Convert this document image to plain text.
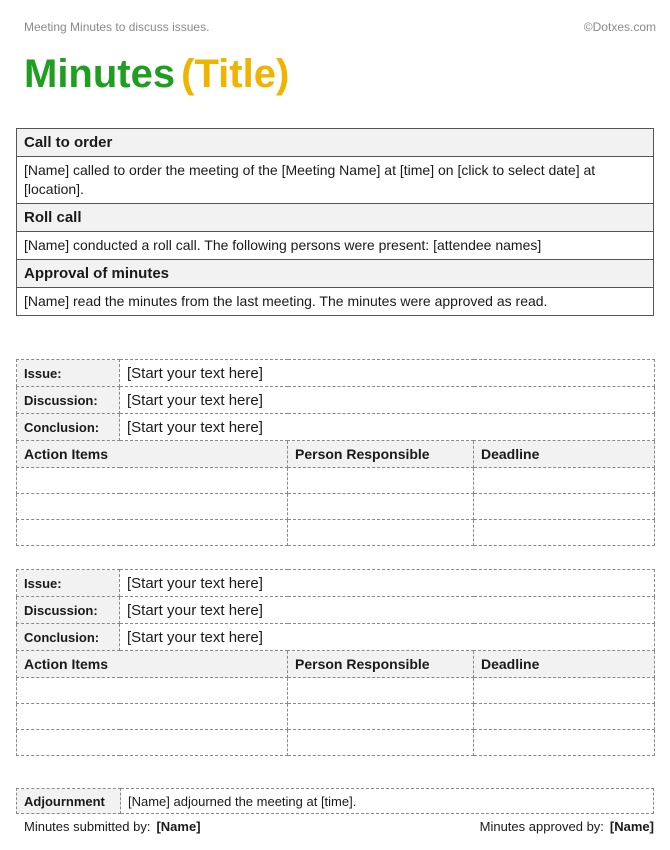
Meeting Minutes to discuss issues.	©Dotxes.com
Minutes (Title)
Call to order
[Name] called to order the meeting of the [Meeting Name] at [time] on [click to select date] at [location].
Roll call
[Name] conducted a roll call. The following persons were present: [attendee names]
Approval of minutes
[Name] read the minutes from the last meeting. The minutes were approved as read.
Issue:	[Start your text here]		
Discussion:	[Start your text here]		
Conclusion:	[Start your text here]		
Action Items		Person Responsible	Deadline

Issue:	[Start your text here]		
Discussion:	[Start your text here]		
Conclusion:	[Start your text here]		
Action Items		Person Responsible	Deadline

Adjournment	[Name] adjourned the meeting at [time].
Minutes submitted by: [Name]	Minutes approved by: [Name]
